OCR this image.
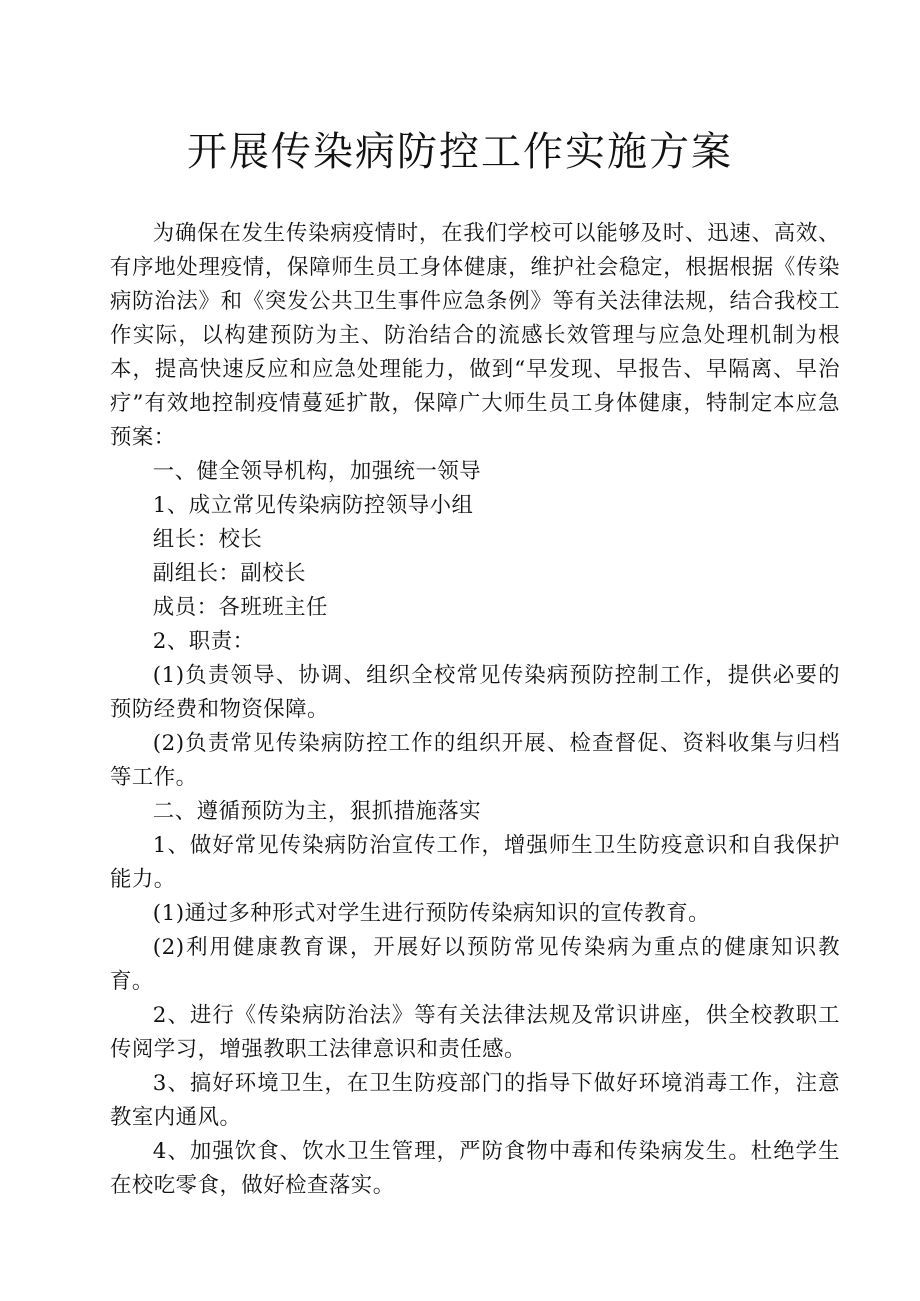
开展传染病防控工作实施方案

为确保在发生传染病疫情时，在我们学校可以能够及时、迅速、高效、有序地处理疫情，保障师生员工身体健康，维护社会稳定，根据根据《传染病防治法》和《突发公共卫生事件应急条例》等有关法律法规，结合我校工作实际，以构建预防为主、防治结合的流感长效管理与应急处理机制为根本，提高快速反应和应急处理能力，做到“早发现、早报告、早隔离、早治疗”有效地控制疫情蔓延扩散，保障广大师生员工身体健康，特制定本应急预案：

一、健全领导机构，加强统一领导

1、成立常见传染病防控领导小组

组长：校长

副组长：副校长

成员：各班班主任

2、职责：

(1)负责领导、协调、组织全校常见传染病预防控制工作，提供必要的预防经费和物资保障。

(2)负责常见传染病防控工作的组织开展、检查督促、资料收集与归档等工作。

二、遵循预防为主，狠抓措施落实

1、做好常见传染病防治宣传工作，增强师生卫生防疫意识和自我保护能力。

(1)通过多种形式对学生进行预防传染病知识的宣传教育。

(2)利用健康教育课，开展好以预防常见传染病为重点的健康知识教育。

2、进行《传染病防治法》等有关法律法规及常识讲座，供全校教职工传阅学习，增强教职工法律意识和责任感。

3、搞好环境卫生，在卫生防疫部门的指导下做好环境消毒工作，注意教室内通风。

4、加强饮食、饮水卫生管理，严防食物中毒和传染病发生。杜绝学生在校吃零食，做好检查落实。
